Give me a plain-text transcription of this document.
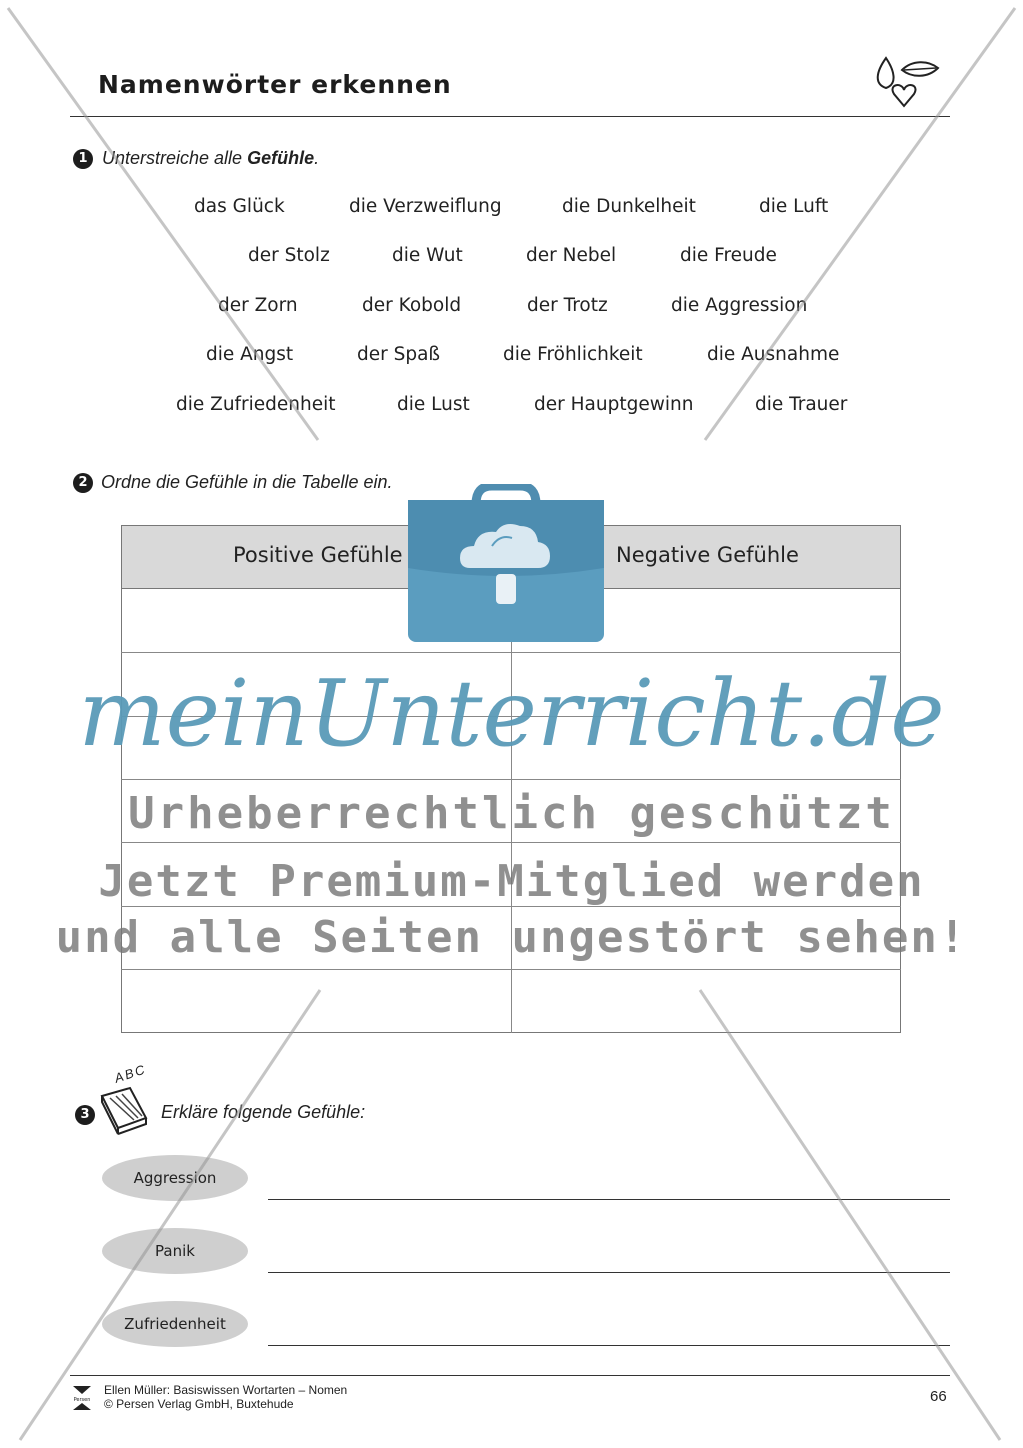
Namenwörter erkennen
1 Unterstreiche alle Gefühle.
das Glück	die Verzweiflung	die Dunkelheit	die Luft
der Stolz	die Wut	der Nebel	die Freude
der Zorn	der Kobold	der Trotz	die Aggression
die Angst	der Spaß	die Fröhlichkeit	die Ausnahme
die Zufriedenheit	die Lust	der Hauptgewinn	die Trauer
2 Ordne die Gefühle in die Tabelle ein.
Positive Gefühle	Negative Gefühle
3
ABC
Erkläre folgende Gefühle:
Aggression
Panik
Zufriedenheit
Persen
Ellen Müller: Basiswissen Wortarten – Nomen
© Persen Verlag GmbH, Buxtehude	66
meinUnterricht.de
Urheberrechtlich geschützt
Jetzt Premium-Mitglied werden
und alle Seiten ungestört sehen!
